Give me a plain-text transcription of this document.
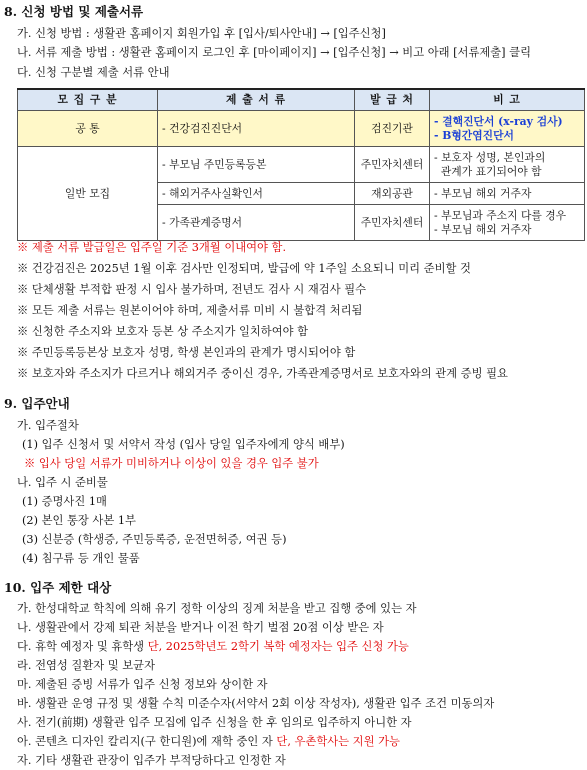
8. 신청 방법 및 제출서류
가. 신청 방법 : 생활관 홈페이지 회원가입 후 [입사/퇴사안내] → [입주신청]
나. 서류 제출 방법 : 생활관 홈페이지 로그인 후 [마이페이지] → [입주신청] → 비고 아래 [서류제출] 클릭
다. 신청 구분별 제출 서류 안내
모 집 구 분	제 출 서 류	발 급 처	비 고
공 통	- 건강검진진단서	검진기관	- 결핵진단서 (x-ray 검사)
- B형간염진단서

일반 모집	- 부모님 주민등록등본	주민자치센터	- 보호자 성명, 본인과의
관계가 표기되어야 함

	- 해외거주사실확인서	재외공관	- 부모님 해외 거주자
	- 가족관계증명서	주민자치센터	- 부모님과 주소지 다를 경우
- 부모님 해외 거주자
※ 제출 서류 발급일은 입주일 기준 3개월 이내여야 함.
※ 건강검진은 2025년 1월 이후 검사만 인정되며, 발급에 약 1주일 소요되니 미리 준비할 것
※ 단체생활 부적합 판정 시 입사 불가하며, 전년도 검사 시 재검사 필수
※ 모든 제출 서류는 원본이어야 하며, 제출서류 미비 시 불합격 처리됨
※ 신청한 주소지와 보호자 등본 상 주소지가 일치하여야 함
※ 주민등록등본상 보호자 성명, 학생 본인과의 관계가 명시되어야 함
※ 보호자와 주소지가 다르거나 해외거주 중이신 경우, 가족관계증명서로 보호자와의 관계 증빙 필요
9. 입주안내
가. 입주절차
(1) 입주 신청서 및 서약서 작성 (입사 당일 입주자에게 양식 배부)
※ 입사 당일 서류가 미비하거나 이상이 있을 경우 입주 불가
나. 입주 시 준비물
(1) 증명사진 1매
(2) 본인 통장 사본 1부
(3) 신분증 (학생증, 주민등록증, 운전면허증, 여권 등)
(4) 침구류 등 개인 물품
10. 입주 제한 대상
가. 한성대학교 학칙에 의해 유기 정학 이상의 징계 처분을 받고 집행 중에 있는 자
나. 생활관에서 강제 퇴관 처분을 받거나 이전 학기 벌점 20점 이상 받은 자
다. 휴학 예정자 및 휴학생 단, 2025학년도 2학기 복학 예정자는 입주 신청 가능
라. 전염성 질환자 및 보균자
마. 제출된 증빙 서류가 입주 신청 정보와 상이한 자
바. 생활관 운영 규정 및 생활 수칙 미준수자(서약서 2회 이상 작성자), 생활관 입주 조건 미동의자
사. 전기(前期) 생활관 입주 모집에 입주 신청을 한 후 임의로 입주하지 아니한 자
아. 콘텐츠 디자인 칼리지(구 한디원)에 재학 중인 자 단, 우촌학사는 지원 가능
자. 기타 생활관 관장이 입주가 부적당하다고 인정한 자
